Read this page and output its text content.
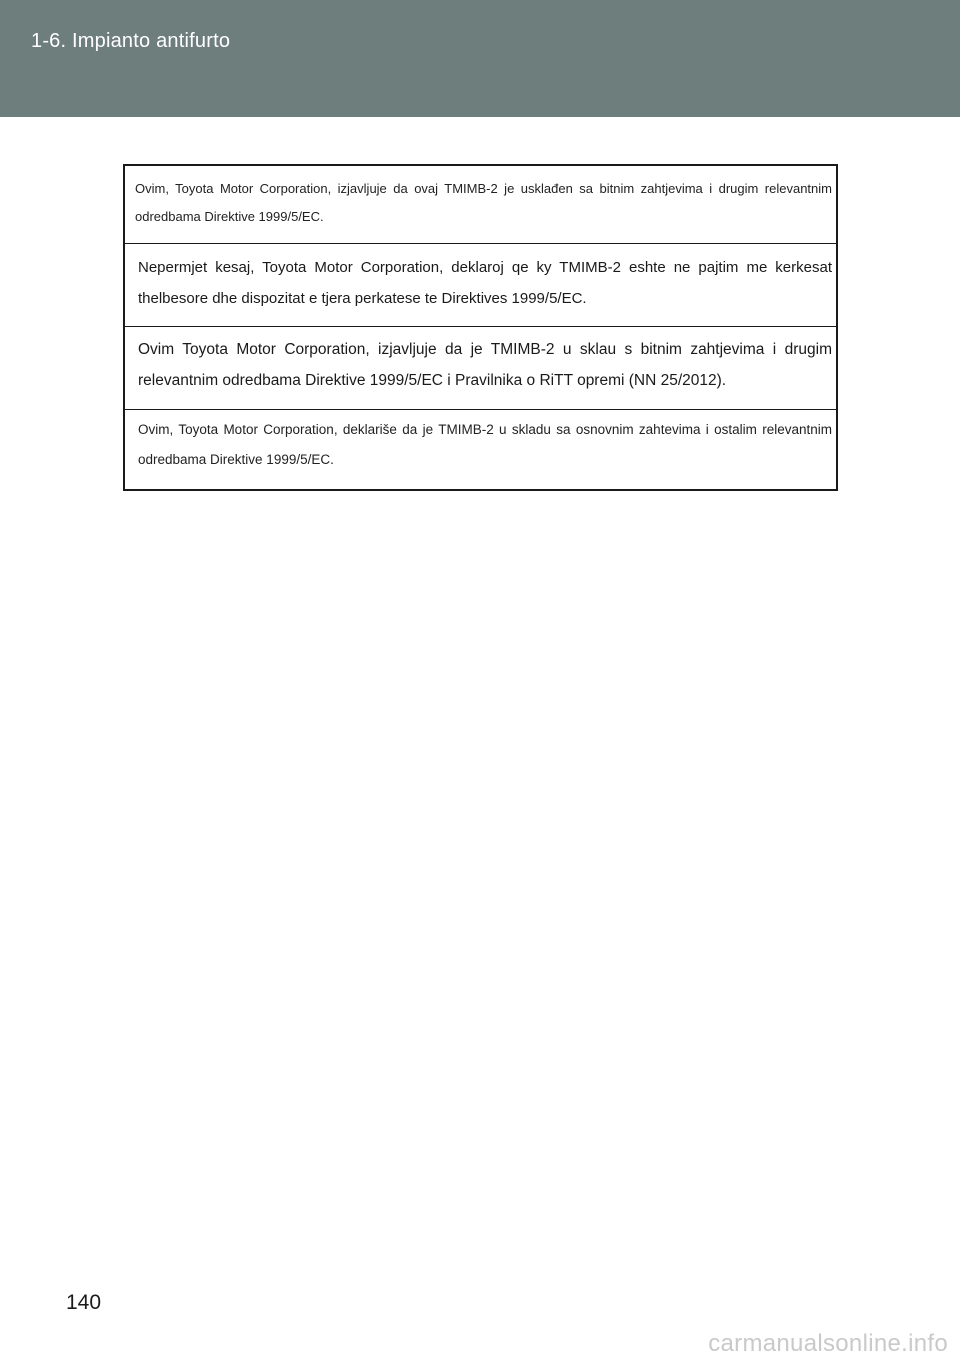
1-6. Impianto antifurto

Ovim, Toyota Motor Corporation, izjavljuje da ovaj TMIMB-2 je usklađen sa bitnim zahtjevima i drugim relevantnim odredbama Direktive 1999/5/EC.

Nepermjet kesaj, Toyota Motor Corporation, deklaroj qe ky TMIMB-2 eshte ne pajtim me kerkesat thelbesore dhe dispozitat e tjera perkatese te Direktives 1999/5/EC.

Ovim Toyota Motor Corporation, izjavljuje da je TMIMB-2 u sklau s bitnim zahtjevima i drugim relevantnim odredbama Direktive 1999/5/EC i Pravilnika o RiTT opremi (NN 25/2012).

Ovim, Toyota Motor Corporation, deklariše da je TMIMB-2 u skladu sa osnovnim zahtevima i ostalim relevantnim odredbama Direktive 1999/5/EC.

140
carmanualsonline.info
